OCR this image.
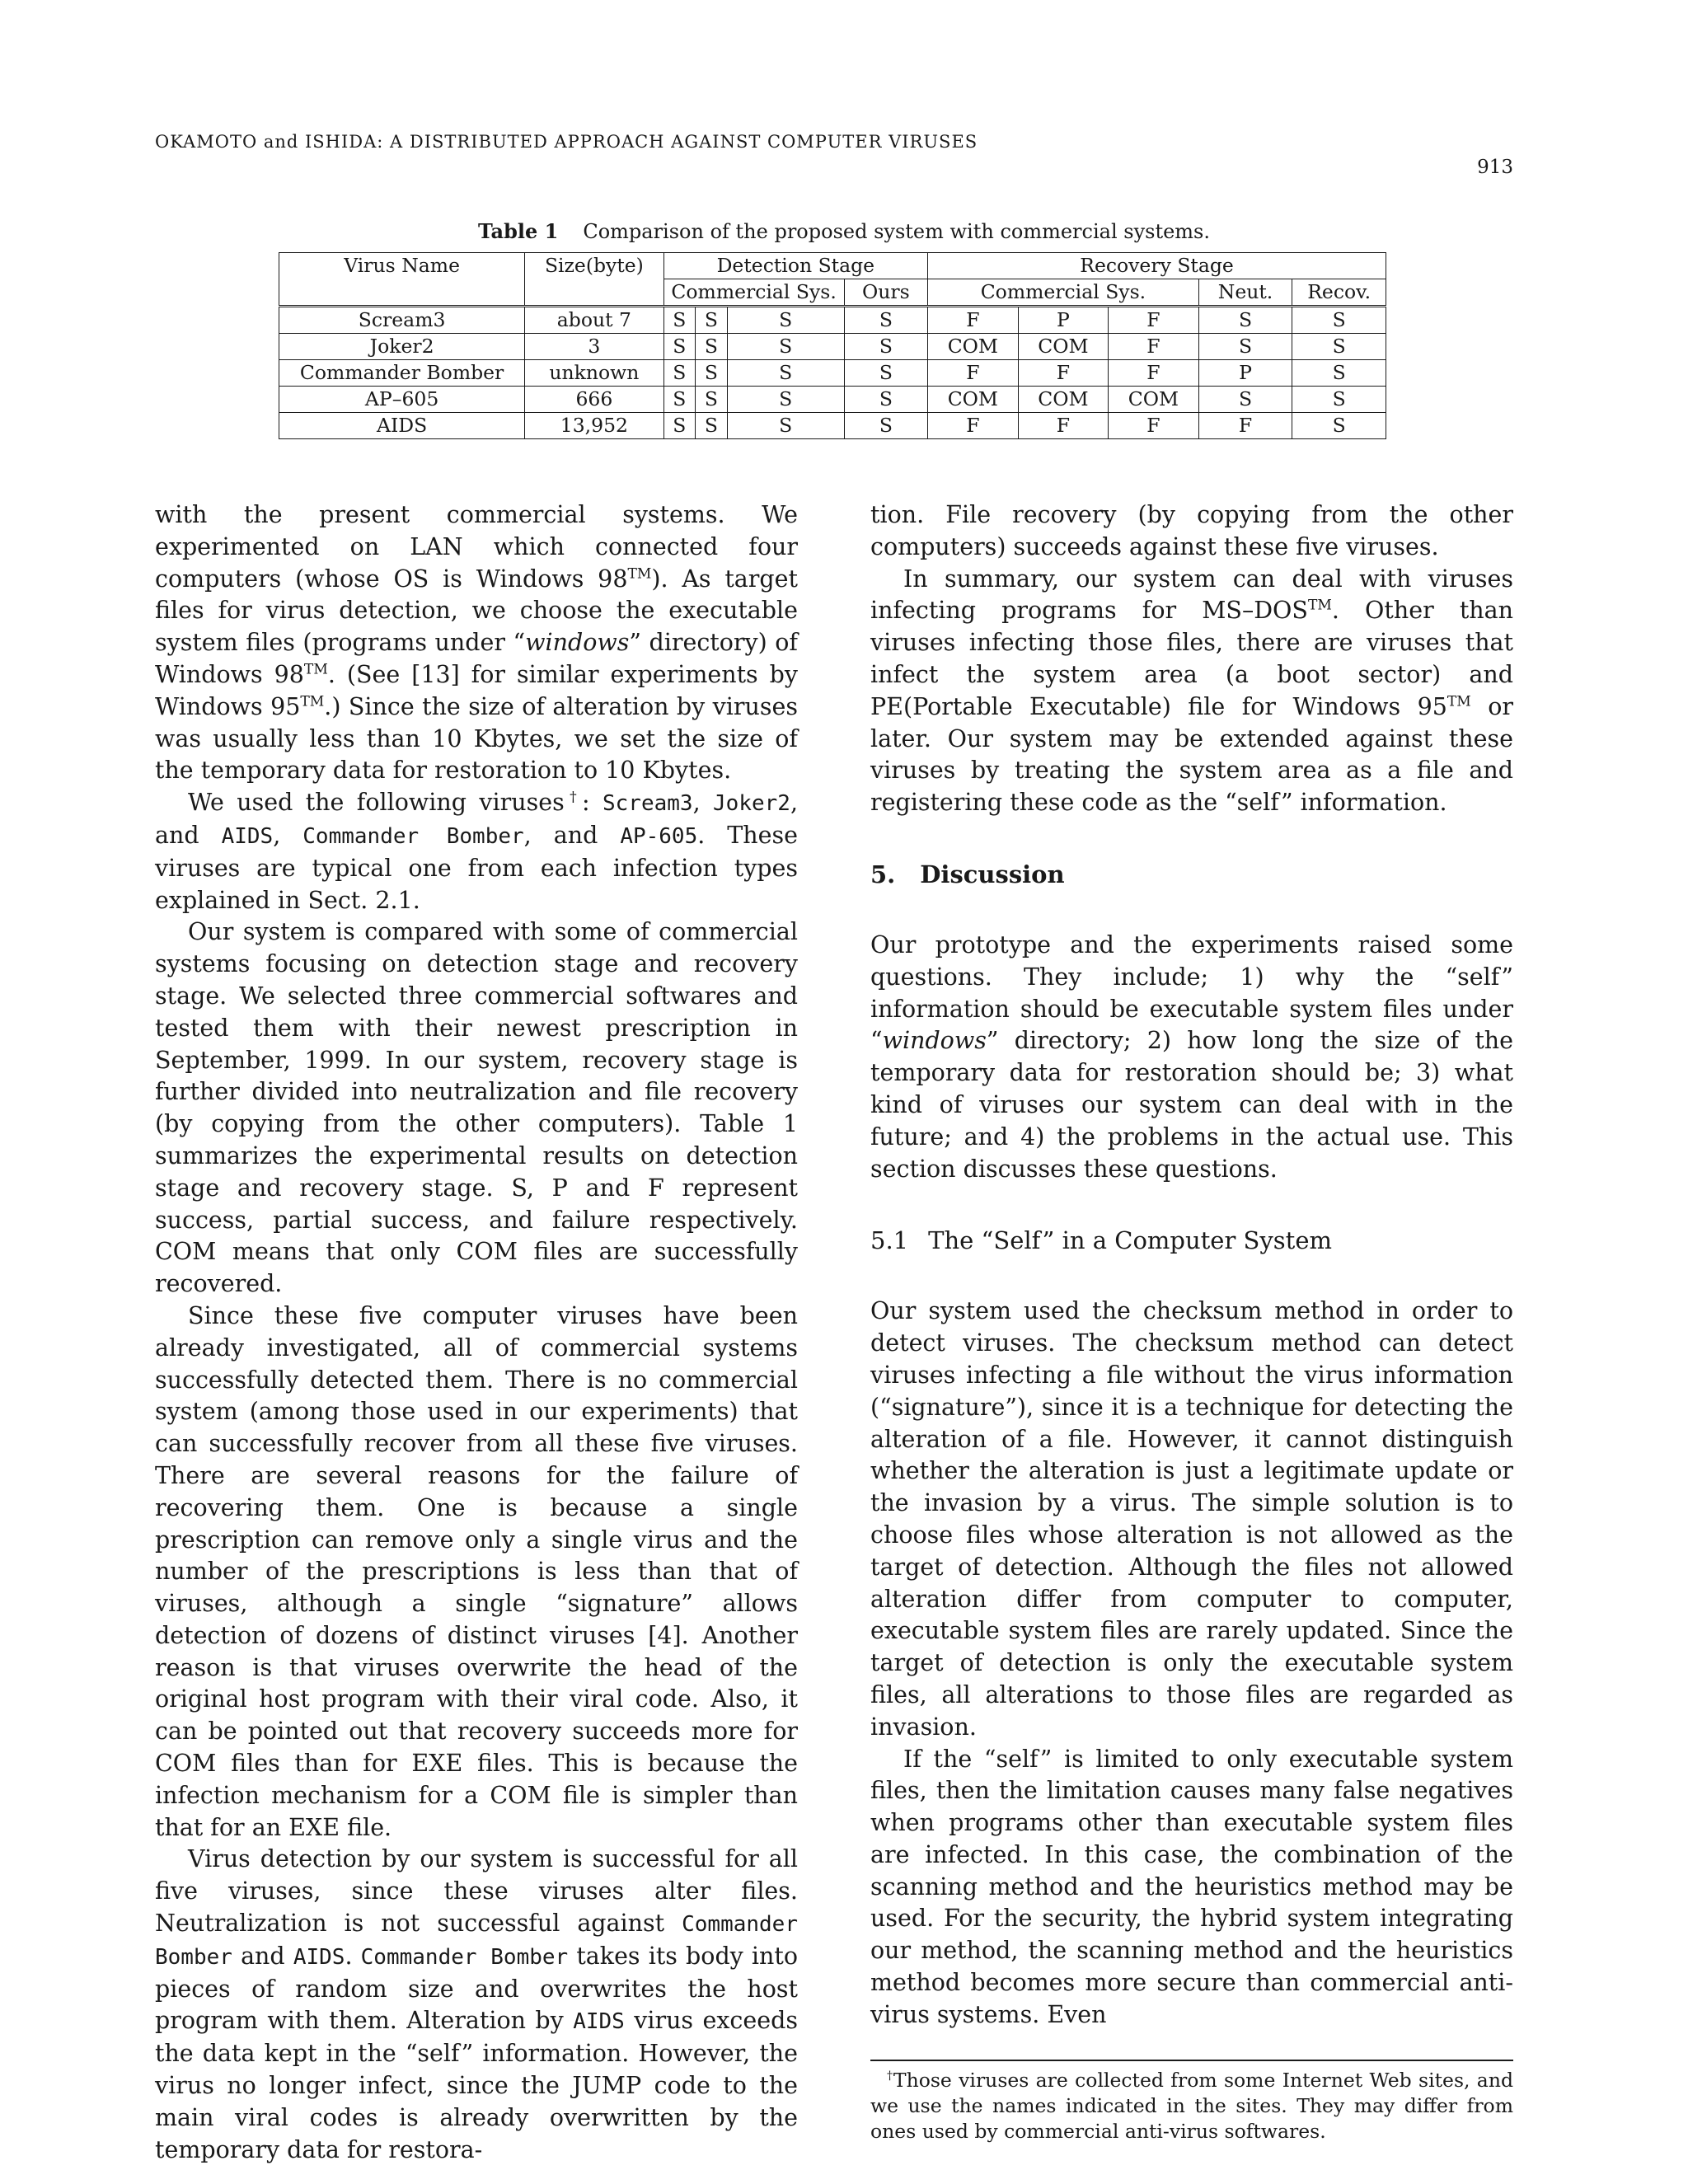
OKAMOTO and ISHIDA: A DISTRIBUTED APPROACH AGAINST COMPUTER VIRUSES
913
Table 1 Comparison of the proposed system with commercial systems.
Virus Name	Size(byte)	Detection Stage				Recovery Stage				
		Commercial Sys.			Ours	Commercial Sys.			Neut.	Recov.
Scream3	about 7	S	S	S	S	F	P	F	S	S
Joker2	3	S	S	S	S	COM	COM	F	S	S
Commander Bomber	unknown	S	S	S	S	F	F	F	P	S
AP–605	666	S	S	S	S	COM	COM	COM	S	S
AIDS	13,952	S	S	S	S	F	F	F	F	S

with the present commercial systems. We experimented on LAN which connected four computers (whose OS is Windows 98™). As target files for virus detection, we choose the executable system files (programs under “windows” directory) of Windows 98™. (See [13] for similar experiments by Windows 95™.) Since the size of alteration by viruses was usually less than 10 Kbytes, we set the size of the temporary data for restoration to 10 Kbytes.

We used the following viruses†: Scream3, Joker2, and AIDS, Commander Bomber, and AP-605. These viruses are typical one from each infection types explained in Sect. 2.1.

Our system is compared with some of commercial systems focusing on detection stage and recovery stage. We selected three commercial softwares and tested them with their newest prescription in September, 1999. In our system, recovery stage is further divided into neutralization and file recovery (by copying from the other computers). Table 1 summarizes the experimental results on detection stage and recovery stage. S, P and F represent success, partial success, and failure respectively. COM means that only COM files are successfully recovered.

Since these five computer viruses have been already investigated, all of commercial systems successfully detected them. There is no commercial system (among those used in our experiments) that can successfully recover from all these five viruses. There are several reasons for the failure of recovering them. One is because a single prescription can remove only a single virus and the number of the prescriptions is less than that of viruses, although a single “signature” allows detection of dozens of distinct viruses [4]. Another reason is that viruses overwrite the head of the original host program with their viral code. Also, it can be pointed out that recovery succeeds more for COM files than for EXE files. This is because the infection mechanism for a COM file is simpler than that for an EXE file.

Virus detection by our system is successful for all five viruses, since these viruses alter files. Neutralization is not successful against Commander Bomber and AIDS. Commander Bomber takes its body into pieces of random size and overwrites the host program with them. Alteration by AIDS virus exceeds the data kept in the “self” information. However, the virus no longer infect, since the JUMP code to the main viral codes is already overwritten by the temporary data for restora-

tion. File recovery (by copying from the other computers) succeeds against these five viruses.

In summary, our system can deal with viruses infecting programs for MS–DOS™. Other than viruses infecting those files, there are viruses that infect the system area (a boot sector) and PE(Portable Executable) file for Windows 95™ or later. Our system may be extended against these viruses by treating the system area as a file and registering these code as the “self” information.

5. Discussion

Our prototype and the experiments raised some questions. They include; 1) why the “self” information should be executable system files under “windows” directory; 2) how long the size of the temporary data for restoration should be; 3) what kind of viruses our system can deal with in the future; and 4) the problems in the actual use. This section discusses these questions.

5.1 The “Self” in a Computer System

Our system used the checksum method in order to detect viruses. The checksum method can detect viruses infecting a file without the virus information (“signature”), since it is a technique for detecting the alteration of a file. However, it cannot distinguish whether the alteration is just a legitimate update or the invasion by a virus. The simple solution is to choose files whose alteration is not allowed as the target of detection. Although the files not allowed alteration differ from computer to computer, executable system files are rarely updated. Since the target of detection is only the executable system files, all alterations to those files are regarded as invasion.

If the “self” is limited to only executable system files, then the limitation causes many false negatives when programs other than executable system files are infected. In this case, the combination of the scanning method and the heuristics method may be used. For the security, the hybrid system integrating our method, the scanning method and the heuristics method becomes more secure than commercial anti-virus systems. Even

†Those viruses are collected from some Internet Web sites, and we use the names indicated in the sites. They may differ from ones used by commercial anti-virus softwares.
